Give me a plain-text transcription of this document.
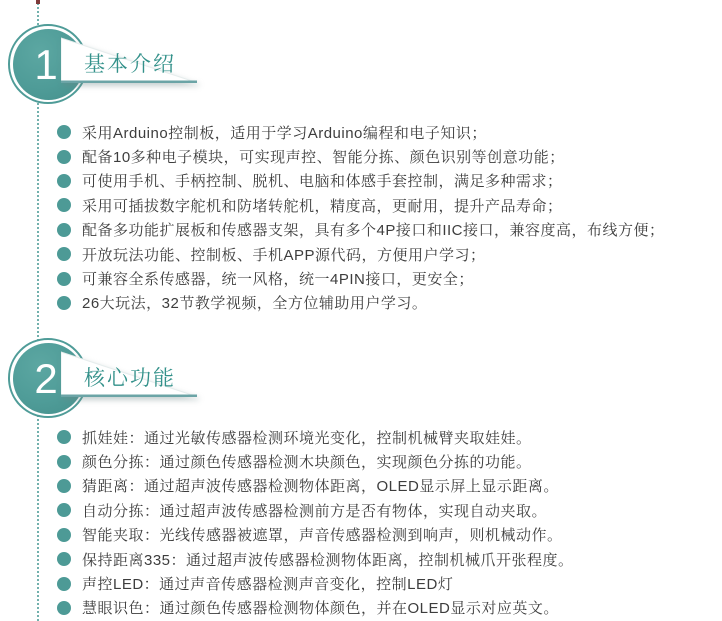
1	基本介绍
采用Arduino控制板，适用于学习Arduino编程和电子知识；
配备10多种电子模块，可实现声控、智能分拣、颜色识别等创意功能；
可使用手机、手柄控制、脱机、电脑和体感手套控制，满足多种需求；
采用可插拔数字舵机和防堵转舵机，精度高，更耐用，提升产品寿命；
配备多功能扩展板和传感器支架，具有多个4P接口和IIC接口，兼容度高，布线方便；
开放玩法功能、控制板、手机APP源代码，方便用户学习；
可兼容全系传感器，统一风格，统一4PIN接口，更安全；
26大玩法，32节教学视频，全方位辅助用户学习。
2	核心功能
抓娃娃：通过光敏传感器检测环境光变化，控制机械臂夹取娃娃。
颜色分拣：通过颜色传感器检测木块颜色，实现颜色分拣的功能。
猜距离：通过超声波传感器检测物体距离，OLED显示屏上显示距离。
自动分拣：通过超声波传感器检测前方是否有物体，实现自动夹取。
智能夹取：光线传感器被遮罩，声音传感器检测到响声，则机械动作。
保持距离335：通过超声波传感器检测物体距离，控制机械爪开张程度。
声控LED：通过声音传感器检测声音变化，控制LED灯
慧眼识色：通过颜色传感器检测物体颜色，并在OLED显示对应英文。
